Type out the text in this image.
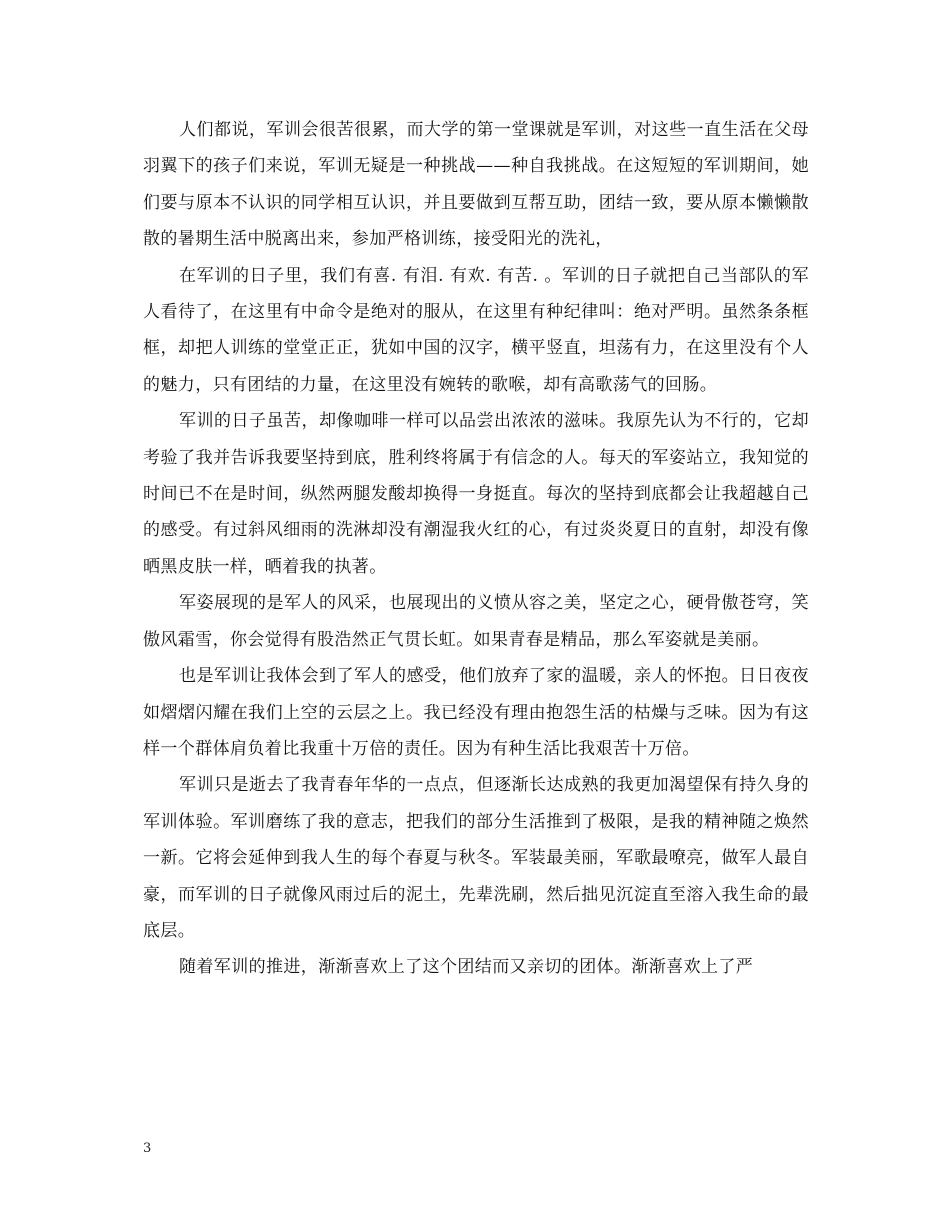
人们都说，军训会很苦很累，而大学的第一堂课就是军训，对这些一直生活在父母羽翼下的孩子们来说，军训无疑是一种挑战——种自我挑战。在这短短的军训期间，她们要与原本不认识的同学相互认识，并且要做到互帮互助，团结一致，要从原本懒懒散散的暑期生活中脱离出来，参加严格训练，接受阳光的洗礼，

在军训的日子里，我们有喜. 有泪. 有欢. 有苦. 。军训的日子就把自己当部队的军人看待了，在这里有中命令是绝对的服从，在这里有种纪律叫：绝对严明。虽然条条框框，却把人训练的堂堂正正，犹如中国的汉字，横平竖直，坦荡有力，在这里没有个人的魅力，只有团结的力量，在这里没有婉转的歌喉，却有高歌荡气的回肠。

军训的日子虽苦，却像咖啡一样可以品尝出浓浓的滋味。我原先认为不行的，它却考验了我并告诉我要坚持到底，胜利终将属于有信念的人。每天的军姿站立，我知觉的时间已不在是时间，纵然两腿发酸却换得一身挺直。每次的坚持到底都会让我超越自己的感受。有过斜风细雨的洗淋却没有潮湿我火红的心，有过炎炎夏日的直射，却没有像晒黑皮肤一样，晒着我的执著。

军姿展现的是军人的风采，也展现出的义愤从容之美，坚定之心，硬骨傲苍穹，笑傲风霜雪，你会觉得有股浩然正气贯长虹。如果青春是精品，那么军姿就是美丽。

也是军训让我体会到了军人的感受，他们放弃了家的温暖，亲人的怀抱。日日夜夜如熠熠闪耀在我们上空的云层之上。我已经没有理由抱怨生活的枯燥与乏味。因为有这样一个群体肩负着比我重十万倍的责任。因为有种生活比我艰苦十万倍。

军训只是逝去了我青春年华的一点点，但逐渐长达成熟的我更加渴望保有持久身的军训体验。军训磨练了我的意志，把我们的部分生活推到了极限，是我的精神随之焕然一新。它将会延伸到我人生的每个春夏与秋冬。军装最美丽，军歌最嘹亮，做军人最自豪，而军训的日子就像风雨过后的泥土，先辈洗刷，然后拙见沉淀直至溶入我生命的最底层。

随着军训的推进，渐渐喜欢上了这个团结而又亲切的团体。渐渐喜欢上了严

3
